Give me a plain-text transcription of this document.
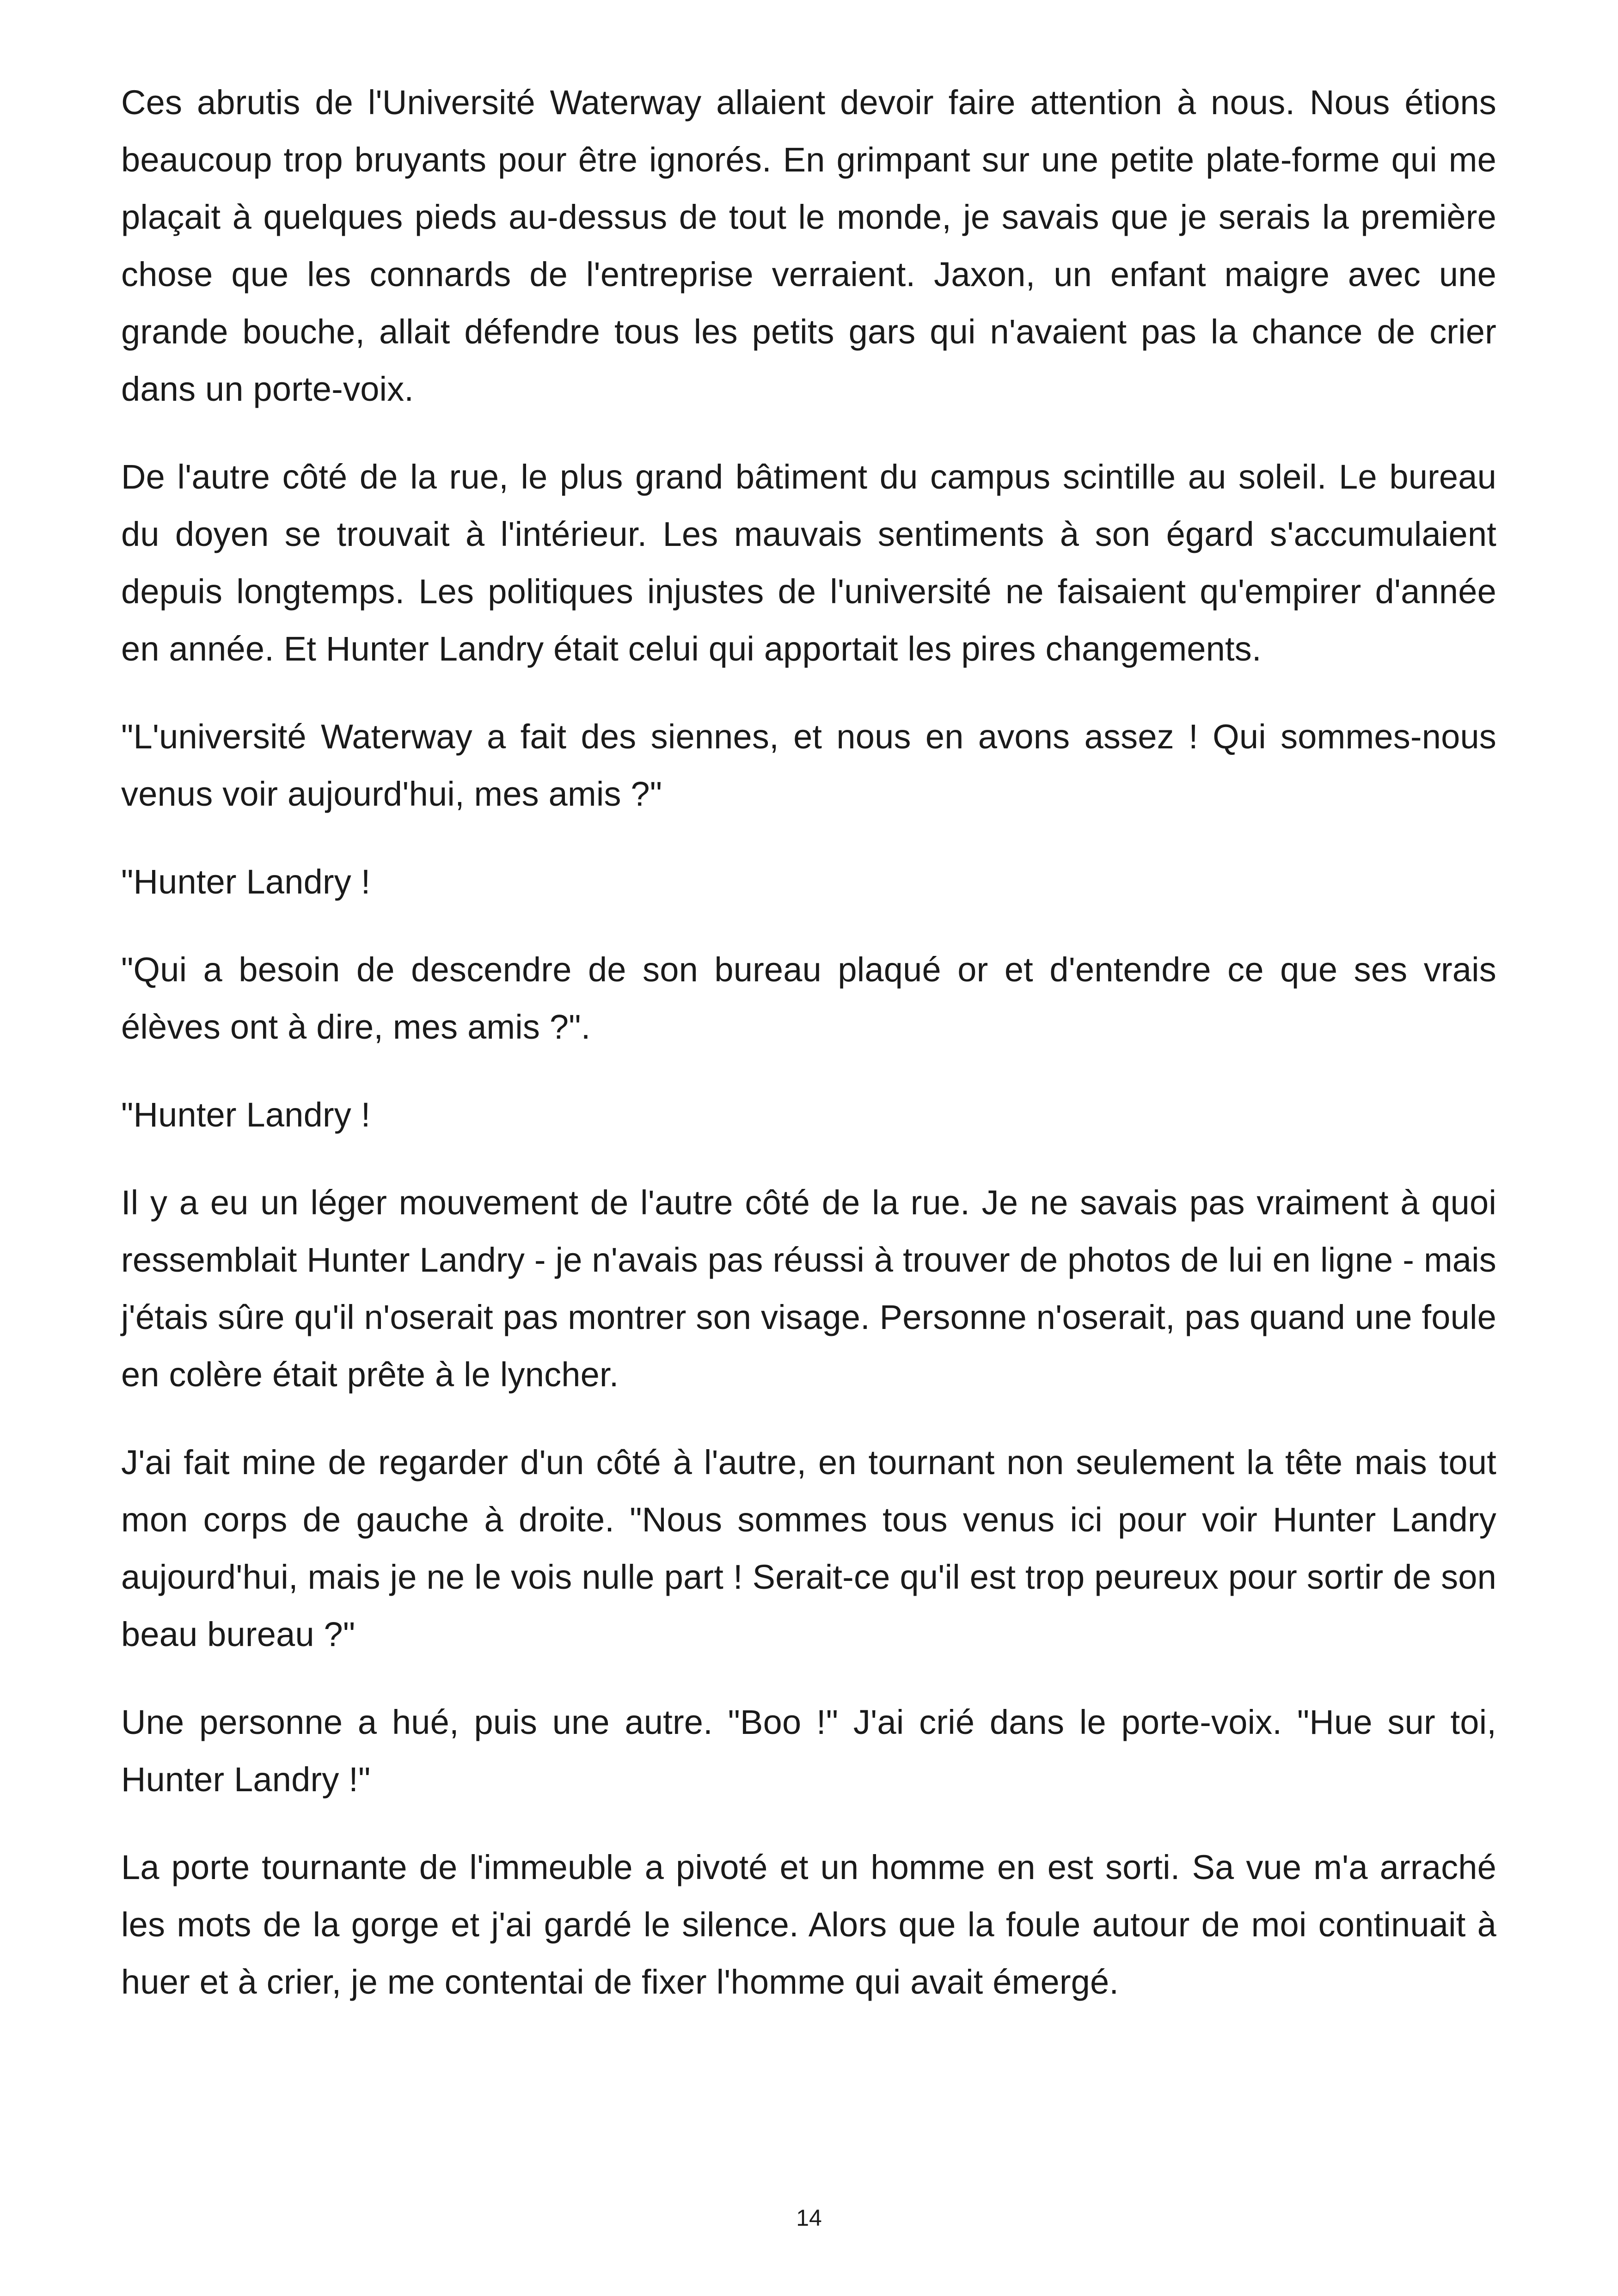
Ces abrutis de l'Université Waterway allaient devoir faire attention à nous. Nous étions beaucoup trop bruyants pour être ignorés. En grimpant sur une petite plate-forme qui me plaçait à quelques pieds au-dessus de tout le monde, je savais que je serais la première chose que les connards de l'entreprise verraient. Jaxon, un enfant maigre avec une grande bouche, allait défendre tous les petits gars qui n'avaient pas la chance de crier dans un porte-voix.

De l'autre côté de la rue, le plus grand bâtiment du campus scintille au soleil. Le bureau du doyen se trouvait à l'intérieur. Les mauvais sentiments à son égard s'accumulaient depuis longtemps. Les politiques injustes de l'université ne faisaient qu'empirer d'année en année. Et Hunter Landry était celui qui apportait les pires changements.

"L'université Waterway a fait des siennes, et nous en avons assez ! Qui sommes-nous venus voir aujourd'hui, mes amis ?"

"Hunter Landry !

"Qui a besoin de descendre de son bureau plaqué or et d'entendre ce que ses vrais élèves ont à dire, mes amis ?".

"Hunter Landry !

Il y a eu un léger mouvement de l'autre côté de la rue. Je ne savais pas vraiment à quoi ressemblait Hunter Landry - je n'avais pas réussi à trouver de photos de lui en ligne - mais j'étais sûre qu'il n'oserait pas montrer son visage. Personne n'oserait, pas quand une foule en colère était prête à le lyncher.

J'ai fait mine de regarder d'un côté à l'autre, en tournant non seulement la tête mais tout mon corps de gauche à droite. "Nous sommes tous venus ici pour voir Hunter Landry aujourd'hui, mais je ne le vois nulle part ! Serait-ce qu'il est trop peureux pour sortir de son beau bureau ?"

Une personne a hué, puis une autre. "Boo !" J'ai crié dans le porte-voix. "Hue sur toi, Hunter Landry !"

La porte tournante de l'immeuble a pivoté et un homme en est sorti. Sa vue m'a arraché les mots de la gorge et j'ai gardé le silence. Alors que la foule autour de moi continuait à huer et à crier, je me contentai de fixer l'homme qui avait émergé.

14
